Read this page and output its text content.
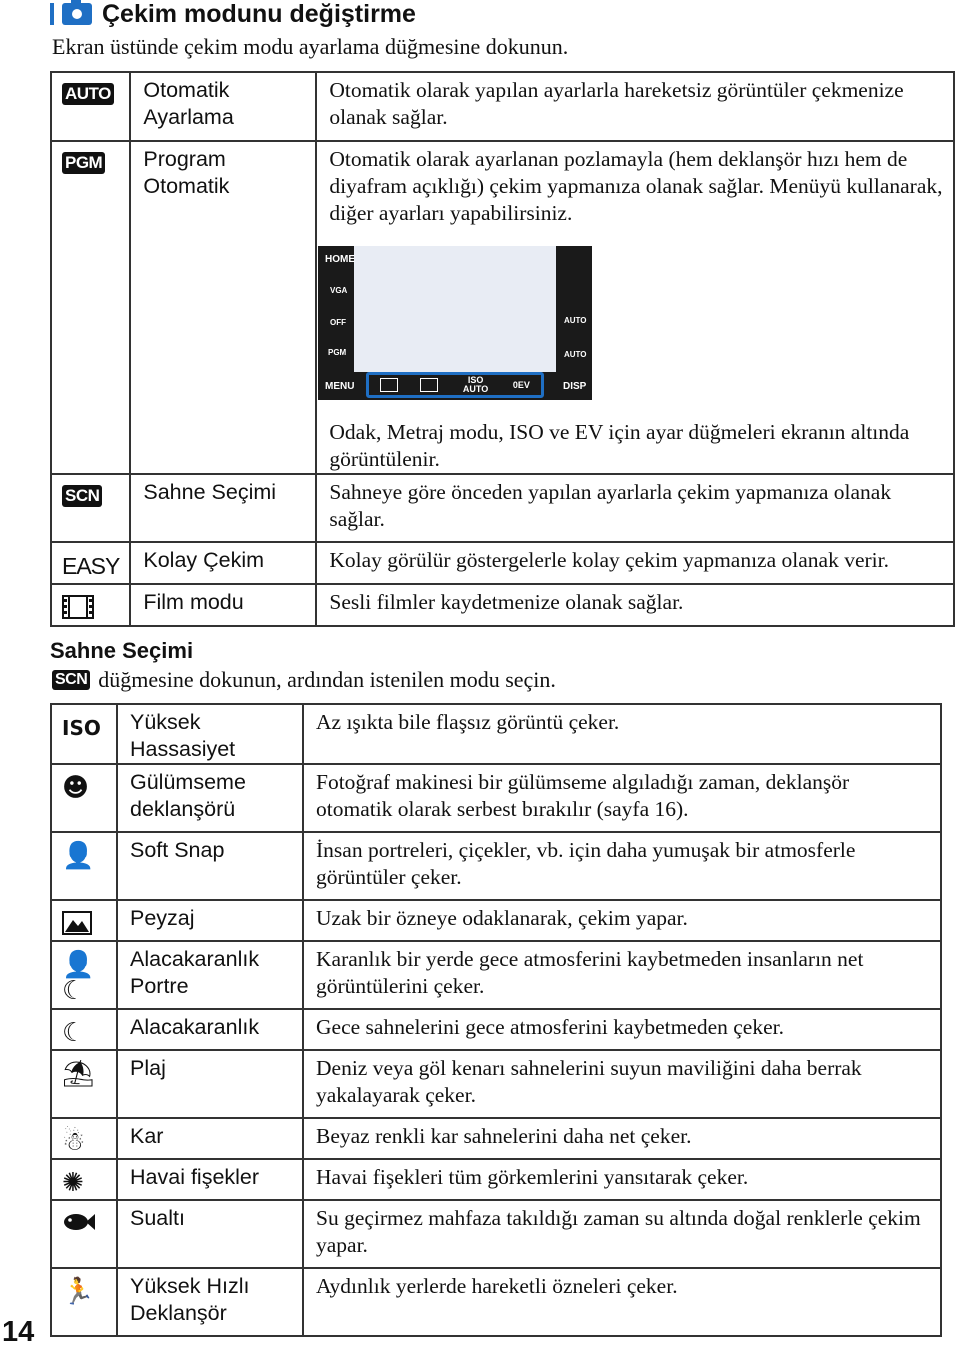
Çekim modunu değiştirme
Ekran üstünde çekim modu ayarlama düğmesine dokunun.
AUTO	Otomatik Ayarlama	Otomatik olarak yapılan ayarlarla hareketsiz görüntüler çekmenize olanak sağlar.
PGM	Program Otomatik	Otomatik olarak ayarlanan pozlamayla (hem deklanşör hızı hem de diyafram açıklığı) çekim yapmanıza olanak sağlar. Menüyü kullanarak, diğer ayarları yapabilirsiniz.
Odak, Metraj modu, ISO ve EV için ayar düğmeleri ekranın altında görüntülenir.

SCN	Sahne Seçimi	Sahneye göre önceden yapılan ayarlarla çekim yapmanıza olanak sağlar.
EASY	Kolay Çekim	Kolay görülür göstergelerle kolay çekim yapmanıza olanak verir.
	Film modu	Sesli filmler kaydetmenize olanak sağlar.
HOME
VGA
OFF
PGM
MENU
AUTO
AUTO
DISP
ISO AUTO	0EV
Sahne Seçimi
SCN düğmesine dokunun, ardından istenilen modu seçin.
ISO	Yüksek Hassasiyet	Az ışıkta bile flaşsız görüntü çeker.
☻	Gülümseme deklanşörü	Fotoğraf makinesi bir gülümseme algıladığı zaman, deklanşör otomatik olarak serbest bırakılır (sayfa 16).
👤	Soft Snap	İnsan portreleri, çiçekler, vb. için daha yumuşak bir atmosferle görüntüler çeker.
	Peyzaj	Uzak bir özneye odaklanarak, çekim yapar.
👤☾	Alacakaranlık Portre	Karanlık bir yerde gece atmosferini kaybetmeden insanların net görüntülerini çeker.
☾	Alacakaranlık	Gece sahnelerini gece atmosferini kaybetmeden çeker.
⛱	Plaj	Deniz veya göl kenarı sahnelerini suyun maviliğini daha berrak yakalayarak çeker.
☃	Kar	Beyaz renkli kar sahnelerini daha net çeker.
✺	Havai fişekler	Havai fişekleri tüm görkemlerini yansıtarak çeker.
	Sualtı	Su geçirmez mahfaza takıldığı zaman su altında doğal renklerle çekim yapar.
🏃	Yüksek Hızlı Deklanşör	Aydınlık yerlerde hareketli özneleri çeker.
14
